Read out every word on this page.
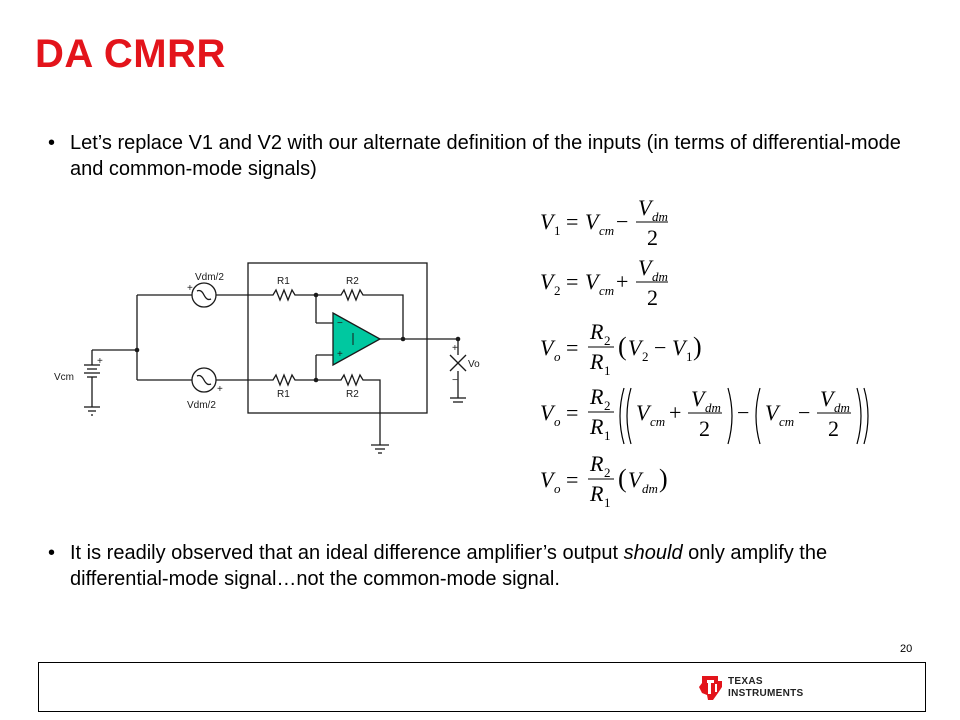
DA CMRR
• Let’s replace V1 and V2 with our alternate definition of the inputs (in terms of differential-mode and common-mode signals)
−
+
+
+
+
+
−
Vdm/2
Vdm/2
Vcm
R1	R2
R1	R2
Vo
V 1 = V cm −
V dm
2
V 2 = V cm +
V dm
2
V o =
R 2
R 1
( V 2 − V 1 )
V o =
R 2
R 1
V cm +
V dm
2
− V cm −
V dm
2
V o =
R 2
R 1
( V dm )
• It is readily observed that an ideal difference amplifier’s output should only amplify the differential-mode signal…not the common-mode signal.
20
TEXAS
INSTRUMENTS
